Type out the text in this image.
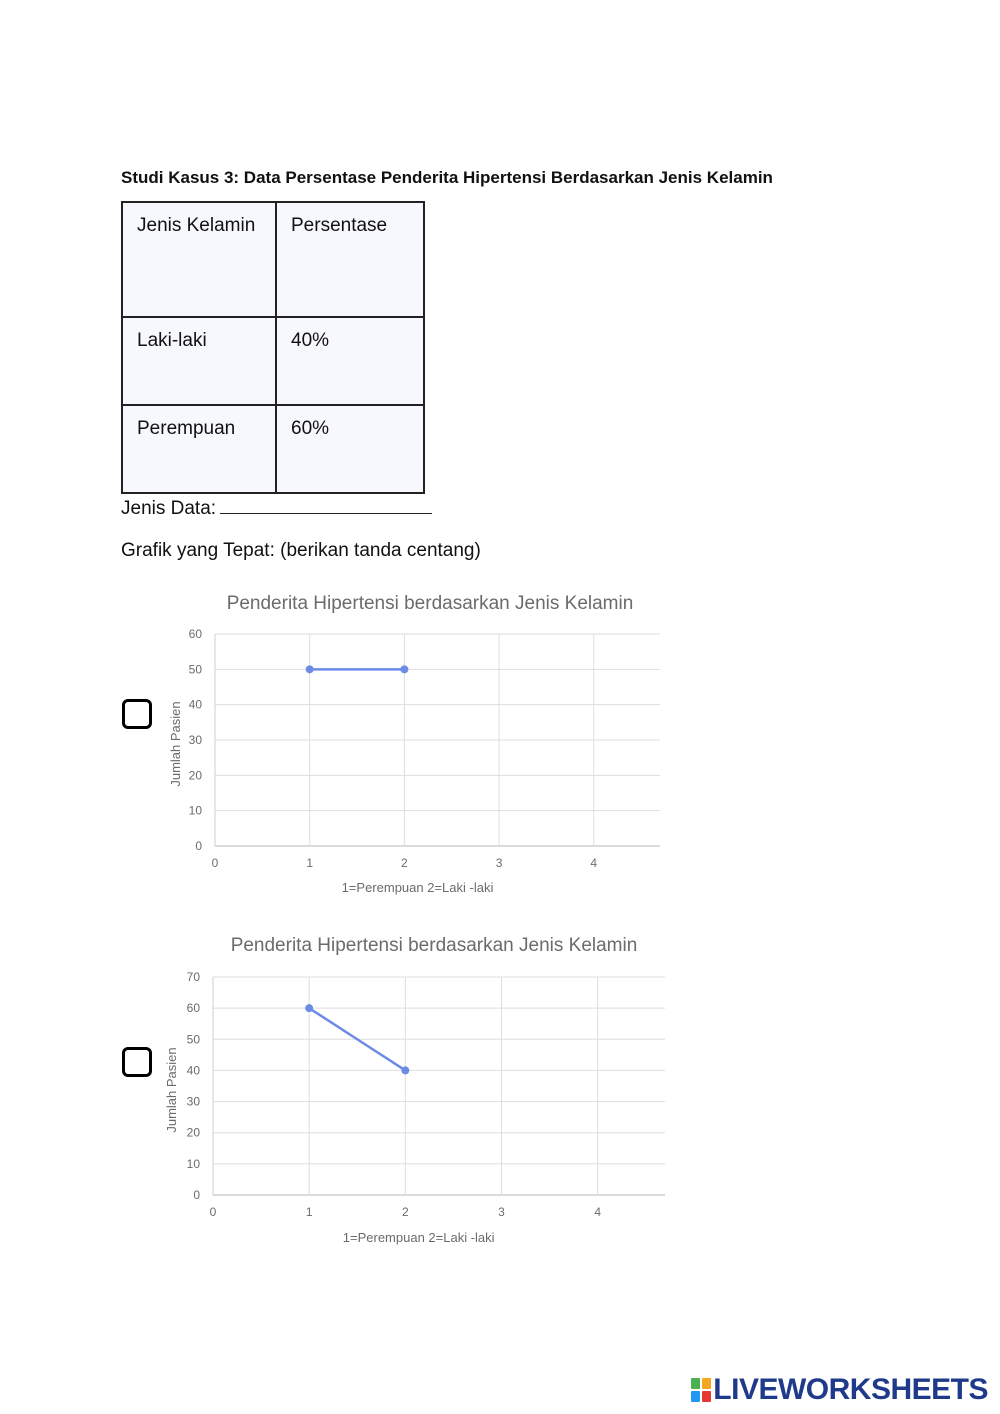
Studi Kasus 3: Data Persentase Penderita Hipertensi Berdasarkan Jenis Kelamin
Jenis Kelamin	Persentase
Laki-laki	40%
Perempuan	60%
Jenis Data:
Grafik yang Tepat: (berikan tanda centang)
Penderita Hipertensi berdasarkan Jenis Kelamin
0
10
20
30
40
50
60
0	1	2	3	4
1=Perempuan 2=Laki -laki
Jumlah Pasien
Penderita Hipertensi berdasarkan Jenis Kelamin
0
10
20
30
40
50
60
70
0	1	2	3	4
1=Perempuan 2=Laki -laki
Jumlah Pasien
LIVEWORKSHEETS
